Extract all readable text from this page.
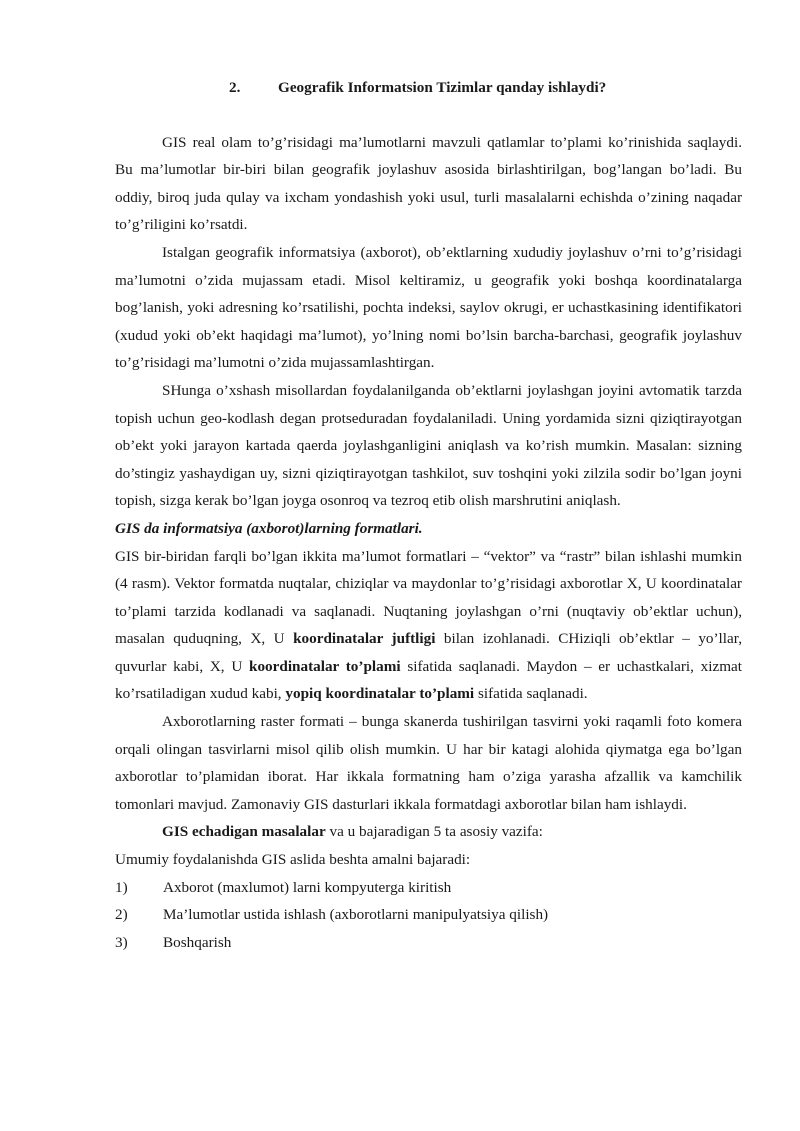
2. Geografik Informatsion Tizimlar qanday ishlaydi?

GIS real olam to’g’risidagi ma’lumotlarni mavzuli qatlamlar to’plami ko’rinishida saqlaydi. Bu ma’lumotlar bir-biri bilan geografik joylashuv asosida birlashtirilgan, bog’langan bo’ladi. Bu oddiy, biroq juda qulay va ixcham yondashish yoki usul, turli masalalarni echishda o’zining naqadar to’g’riligini ko’rsatdi.

Istalgan geografik informatsiya (axborot), ob’ektlarning xududiy joylashuv o’rni to’g’risidagi ma’lumotni o’zida mujassam etadi. Misol keltiramiz, u geografik yoki boshqa koordinatalarga bog’lanish, yoki adresning ko’rsatilishi, pochta indeksi, saylov okrugi, er uchastkasining identifikatori (xudud yoki ob’ekt haqidagi ma’lumot), yo’lning nomi bo’lsin barcha-barchasi, geografik joylashuv to’g’risidagi ma’lumotni o’zida mujassamlashtirgan.

SHunga o’xshash misollardan foydalanilganda ob’ektlarni joylashgan joyini avtomatik tarzda topish uchun geo-kodlash degan protseduradan foydalaniladi. Uning yordamida sizni qiziqtirayotgan ob’ekt yoki jarayon kartada qaerda joylashganligini aniqlash va ko’rish mumkin. Masalan: sizning do’stingiz yashaydigan uy, sizni qiziqtirayotgan tashkilot, suv toshqini yoki zilzila sodir bo’lgan joyni topish, sizga kerak bo’lgan joyga osonroq va tezroq etib olish marshrutini aniqlash.

GIS da informatsiya (axborot)larning formatlari.

GIS bir-biridan farqli bo’lgan ikkita ma’lumot formatlari – “vektor” va “rastr” bilan ishlashi mumkin (4 rasm). Vektor formatda nuqtalar, chiziqlar va maydonlar to’g’risidagi axborotlar X, U koordinatalar to’plami tarzida kodlanadi va saqlanadi. Nuqtaning joylashgan o’rni (nuqtaviy ob’ektlar uchun), masalan quduqning, X, U koordinatalar juftligi bilan izohlanadi. CHiziqli ob’ektlar – yo’llar, quvurlar kabi, X, U koordinatalar to’plami sifatida saqlanadi. Maydon – er uchastkalari, xizmat ko’rsatiladigan xudud kabi, yopiq koordinatalar to’plami sifatida saqlanadi.

Axborotlarning raster formati – bunga skanerda tushirilgan tasvirni yoki raqamli foto komera orqali olingan tasvirlarni misol qilib olish mumkin. U har bir katagi alohida qiymatga ega bo’lgan axborotlar to’plamidan iborat. Har ikkala formatning ham o’ziga yarasha afzallik va kamchilik tomonlari mavjud. Zamonaviy GIS dasturlari ikkala formatdagi axborotlar bilan ham ishlaydi.

GIS echadigan masalalar va u bajaradigan 5 ta asosiy vazifa:

Umumiy foydalanishda GIS aslida beshta amalni bajaradi:

1)	Axborot (maxlumot) larni kompyuterga kiritish
2)	Ma’lumotlar ustida ishlash (axborotlarni manipulyatsiya qilish)
3)	Boshqarish
